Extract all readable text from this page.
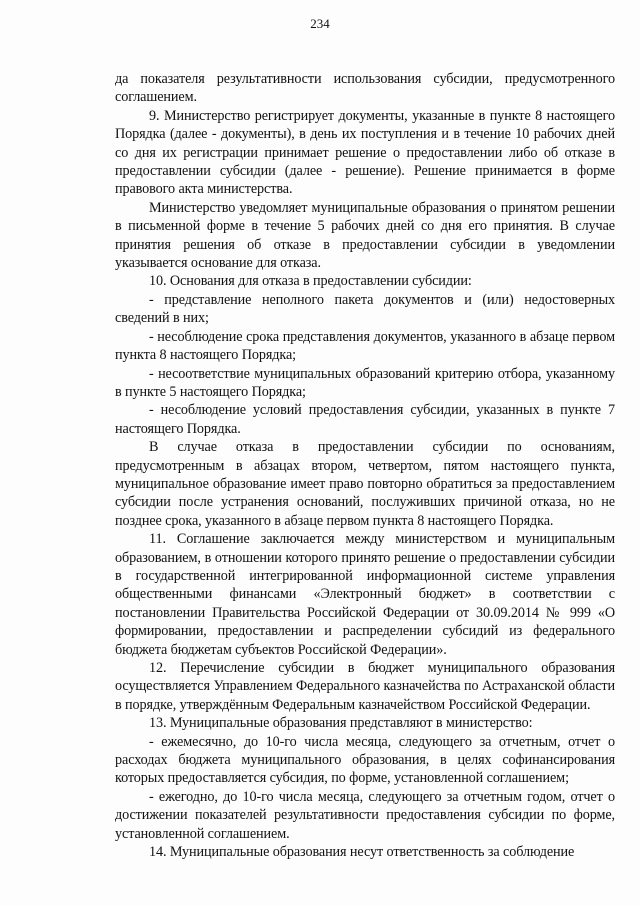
234

да показателя результативности использования субсидии, предусмотренного соглашением.

9. Министерство регистрирует документы, указанные в пункте 8 настоящего Порядка (далее - документы), в день их поступления и в течение 10 рабочих дней со дня их регистрации принимает решение о предоставлении либо об отказе в предоставлении субсидии (далее - решение). Решение принимается в форме правового акта министерства.

Министерство уведомляет муниципальные образования о принятом решении в письменной форме в течение 5 рабочих дней со дня его принятия. В случае принятия решения об отказе в предоставлении субсидии в уведомлении указывается основание для отказа.

10. Основания для отказа в предоставлении субсидии:

- представление неполного пакета документов и (или) недостоверных сведений в них;

- несоблюдение срока представления документов, указанного в абзаце первом пункта 8 настоящего Порядка;

- несоответствие муниципальных образований критерию отбора, указанному в пункте 5 настоящего Порядка;

- несоблюдение условий предоставления субсидии, указанных в пункте 7 настоящего Порядка.

В случае отказа в предоставлении субсидии по основаниям, предусмотренным в абзацах втором, четвертом, пятом настоящего пункта, муниципальное образование имеет право повторно обратиться за предоставлением субсидии после устранения оснований, послуживших причиной отказа, но не позднее срока, указанного в абзаце первом пункта 8 настоящего Порядка.

11. Соглашение заключается между министерством и муниципальным образованием, в отношении которого принято решение о предоставлении субсидии в государственной интегрированной информационной системе управления общественными финансами «Электронный бюджет» в соответствии с постановлении Правительства Российской Федерации от 30.09.2014 № 999 «О формировании, предоставлении и распределении субсидий из федерального бюджета бюджетам субъектов Российской Федерации».

12. Перечисление субсидии в бюджет муниципального образования осуществляется Управлением Федерального казначейства по Астраханской области в порядке, утверждённым Федеральным казначейством Российской Федерации.

13. Муниципальные образования представляют в министерство:

- ежемесячно, до 10-го числа месяца, следующего за отчетным, отчет о расходах бюджета муниципального образования, в целях софинансирования которых предоставляется субсидия, по форме, установленной соглашением;

- ежегодно, до 10-го числа месяца, следующего за отчетным годом, отчет о достижении показателей результативности предоставления субсидии по форме, установленной соглашением.

14. Муниципальные образования несут ответственность за соблюдение
